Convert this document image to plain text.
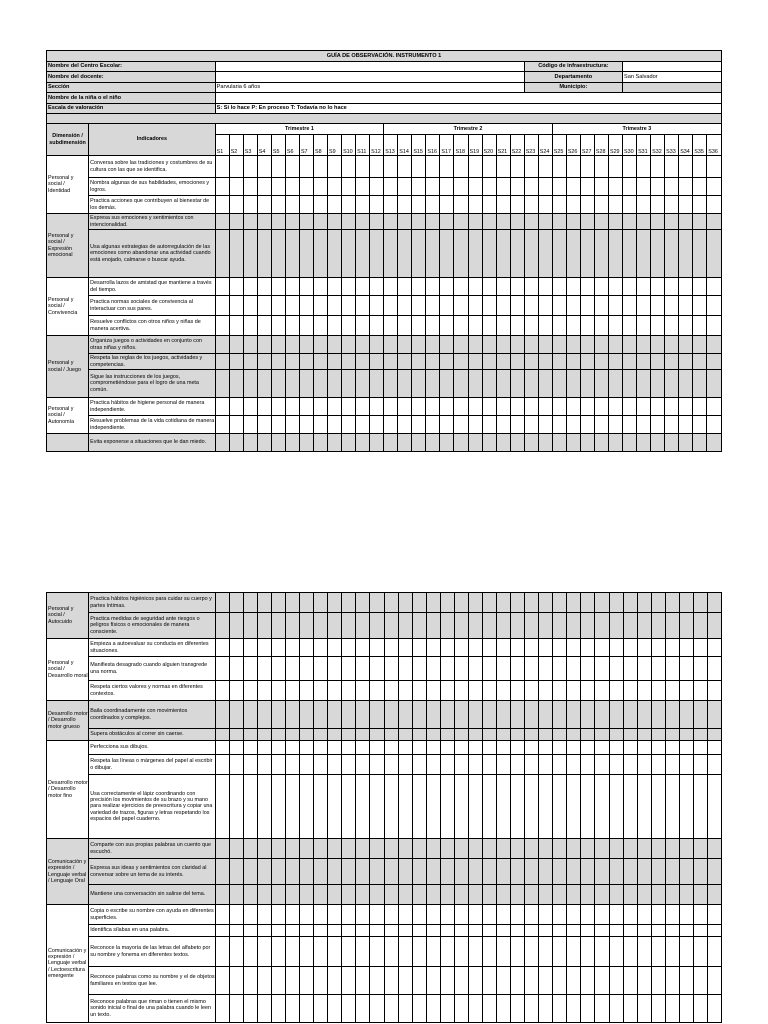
GUÍA DE OBSERVACIÓN. INSTRUMENTO 1																																					
Nombre del Centro Escolar:																								Código de infraestructura:													
Nombre del docente:																								Departamento							San Salvador						
Sección		Parvularia 6 años																						Municipio:													
Nombre de la niña o el niño																																					
Escala de valoración		S: Si lo hace P: En proceso T: Todavía no lo hace																																			

Dimensión / subdimensión	Indicadores	Trimestre 1												Trimestre 2												Trimestre 3											
		S1	S2	S3	S4	S5	S6	S7	S8	S9	S10	S11	S12	S13	S14	S15	S16	S17	S18	S19	S20	S21	S22	S23	S24	S25	S26	S27	S28	S29	S30	S31	S32	S33	S34	S35	S36
Personal y social / Identidad	Conversa sobre las tradiciones y costumbres de su cultura con las que se identifica.																																				
	Nombra algunas de sus habilidades, emociones y logros.																																				
	Practica acciones que contribuyen al bienestar de los demás.																																				
Personal y social / Expresión emocional	Expresa sus emociones y sentimientos con intencionalidad.																																				
	Usa algunas estrategias de autorregulación de las emociones como abandonar una actividad cuando está enojado, calmarse o buscar ayuda.																																				
Personal y social / Convivencia	Desarrolla lazos de amistad que mantiene a través del tiempo.																																				
	Practica normas sociales de convivencia al interactuar con sus pares.																																				
	Resuelve conflictos con otros niños y niñas de manera acertiva.																																				
Personal y social / Juego	Organiza juegos o actividades en conjunto con otras niñas y niños.																																				
	Respeta las reglas de los juegos, actividades y competencias.																																				
	Sigue las instrucciones de los juegos, comprometiéndose para el logro de una meta común.																																				
Personal y social / Autonomía	Practica hábitos de higiene personal de manera independiente.																																				
	Resuelve problemas de la vida cotidiana de manera independiente.																																				
	Evita exponerse a situaciones que le dan miedo.																																				
Personal y social / Autocuido	Practica hábitos higiénicos para cuidar su cuerpo y partes íntimas.																																				
	Practica medidas de seguridad ante riesgos o peligros físicos o emocionales de manera consciente.																																				
Personal y social / Desarrollo moral	Empieza a autoevaluar su conducta en diferentes situaciones.																																				
	Manifiesta desagrado cuando alguien transgrede una norma.																																				
	Respeta ciertos valores y normas en diferentes contextos.																																				
Desarrollo motor / Desarrollo motor grueso	Baila coordinadamente con movimientos coordinados y complejos.																																				
	Supera obstáculos al correr sin caerse.																																				
Desarrollo motor / Desarrollo motor fino	Perfecciona sus dibujos.																																				
	Respeta las líneas o márgenes del papel al escribir o dibujar.																																				
	Usa correctamente el lápiz coordinando con precisión los movimientos de su brazo y su mano para realizar ejercicios de preescritura y copiar una variedad de trazos, figuras y letras respetando los espacios del papel cuaderno.																																				
Comunicación y expresión / Lenguaje verbal / Lenguaje Oral	Comparte con sus propias palabras un cuento que escuchó.																																				
	Expresa sus ideas y sentimientos con claridad al conversar sobre un tema de su interés.																																				
	Mantiene una conversación sin salirse del tema.																																				
Comunicación y expresión / Lenguaje verbal / Lectoescritura emergente	Copia o escribe su nombre con ayuda en diferentes superficies.																																				
	Identifica sílabas en una palabra.																																				
	Reconoce la mayoría de las letras del alfabeto por su nombre y fonema en diferentes textos.																																				
	Reconoce palabras como su nombre y el de objetos familiares en textos que lee.																																				
	Reconoce palabras que riman o tienen el mismo sonido inicial o final de una palabra cuando le leen un texto.																																				
